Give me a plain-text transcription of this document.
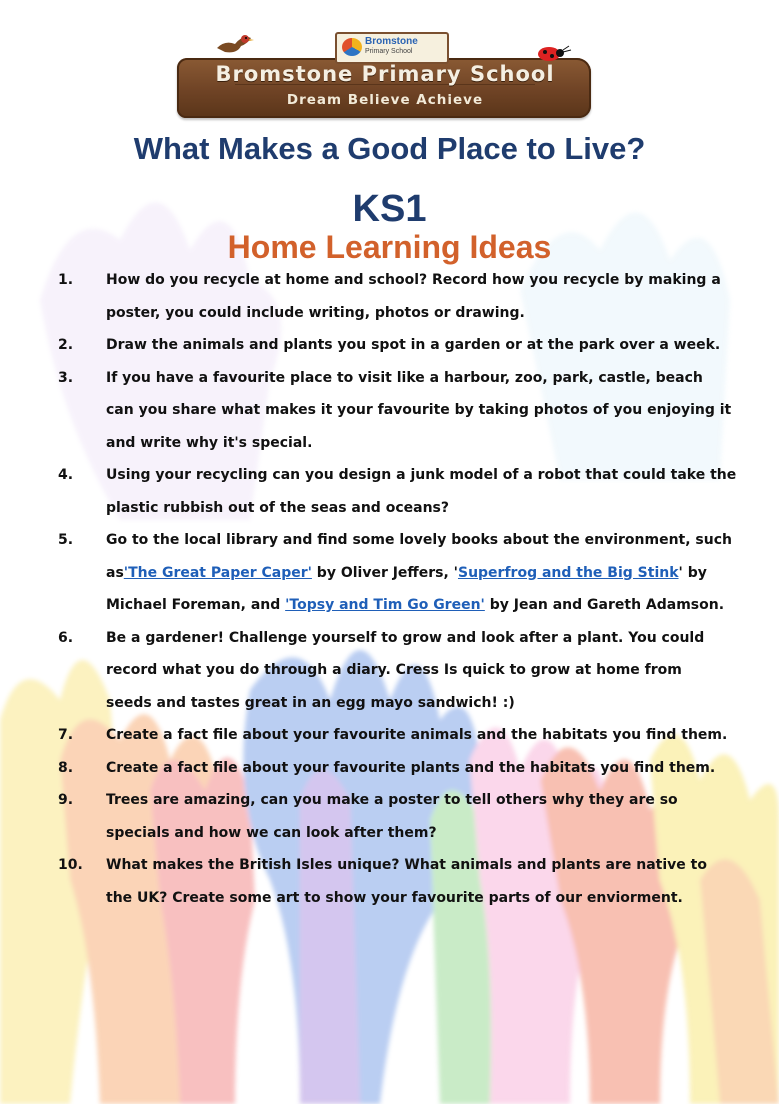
Bromstone
Primary School
Bromstone Primary School
Dream Believe Achieve
What Makes a Good Place to Live?
KS1
Home Learning Ideas
1.	How do you recycle at home and school? Record how you recycle by making a
poster, you could include writing, photos or drawing.
2.	Draw the animals and plants you spot in a garden or at the park over a week.
3.	If you have a favourite place to visit like a harbour, zoo, park, castle, beach
can you share what makes it your favourite by taking photos of you enjoying it
and write why it's special.
4.	Using your recycling can you design a junk model of a robot that could take the
plastic rubbish out of the seas and oceans?
5.	Go to the local library and find some lovely books about the environment, such
as'The Great Paper Caper' by Oliver Jeffers, 'Superfrog and the Big Stink' by
Michael Foreman, and 'Topsy and Tim Go Green' by Jean and Gareth Adamson.
6.	Be a gardener! Challenge yourself to grow and look after a plant. You could
record what you do through a diary. Cress Is quick to grow at home from
seeds and tastes great in an egg mayo sandwich! :)
7.	Create a fact file about your favourite animals and the habitats you find them.
8.	Create a fact file about your favourite plants and the habitats you find them.
9.	Trees are amazing, can you make a poster to tell others why they are so
specials and how we can look after them?
10.	What makes the British Isles unique? What animals and plants are native to
the UK? Create some art to show your favourite parts of our enviorment.
